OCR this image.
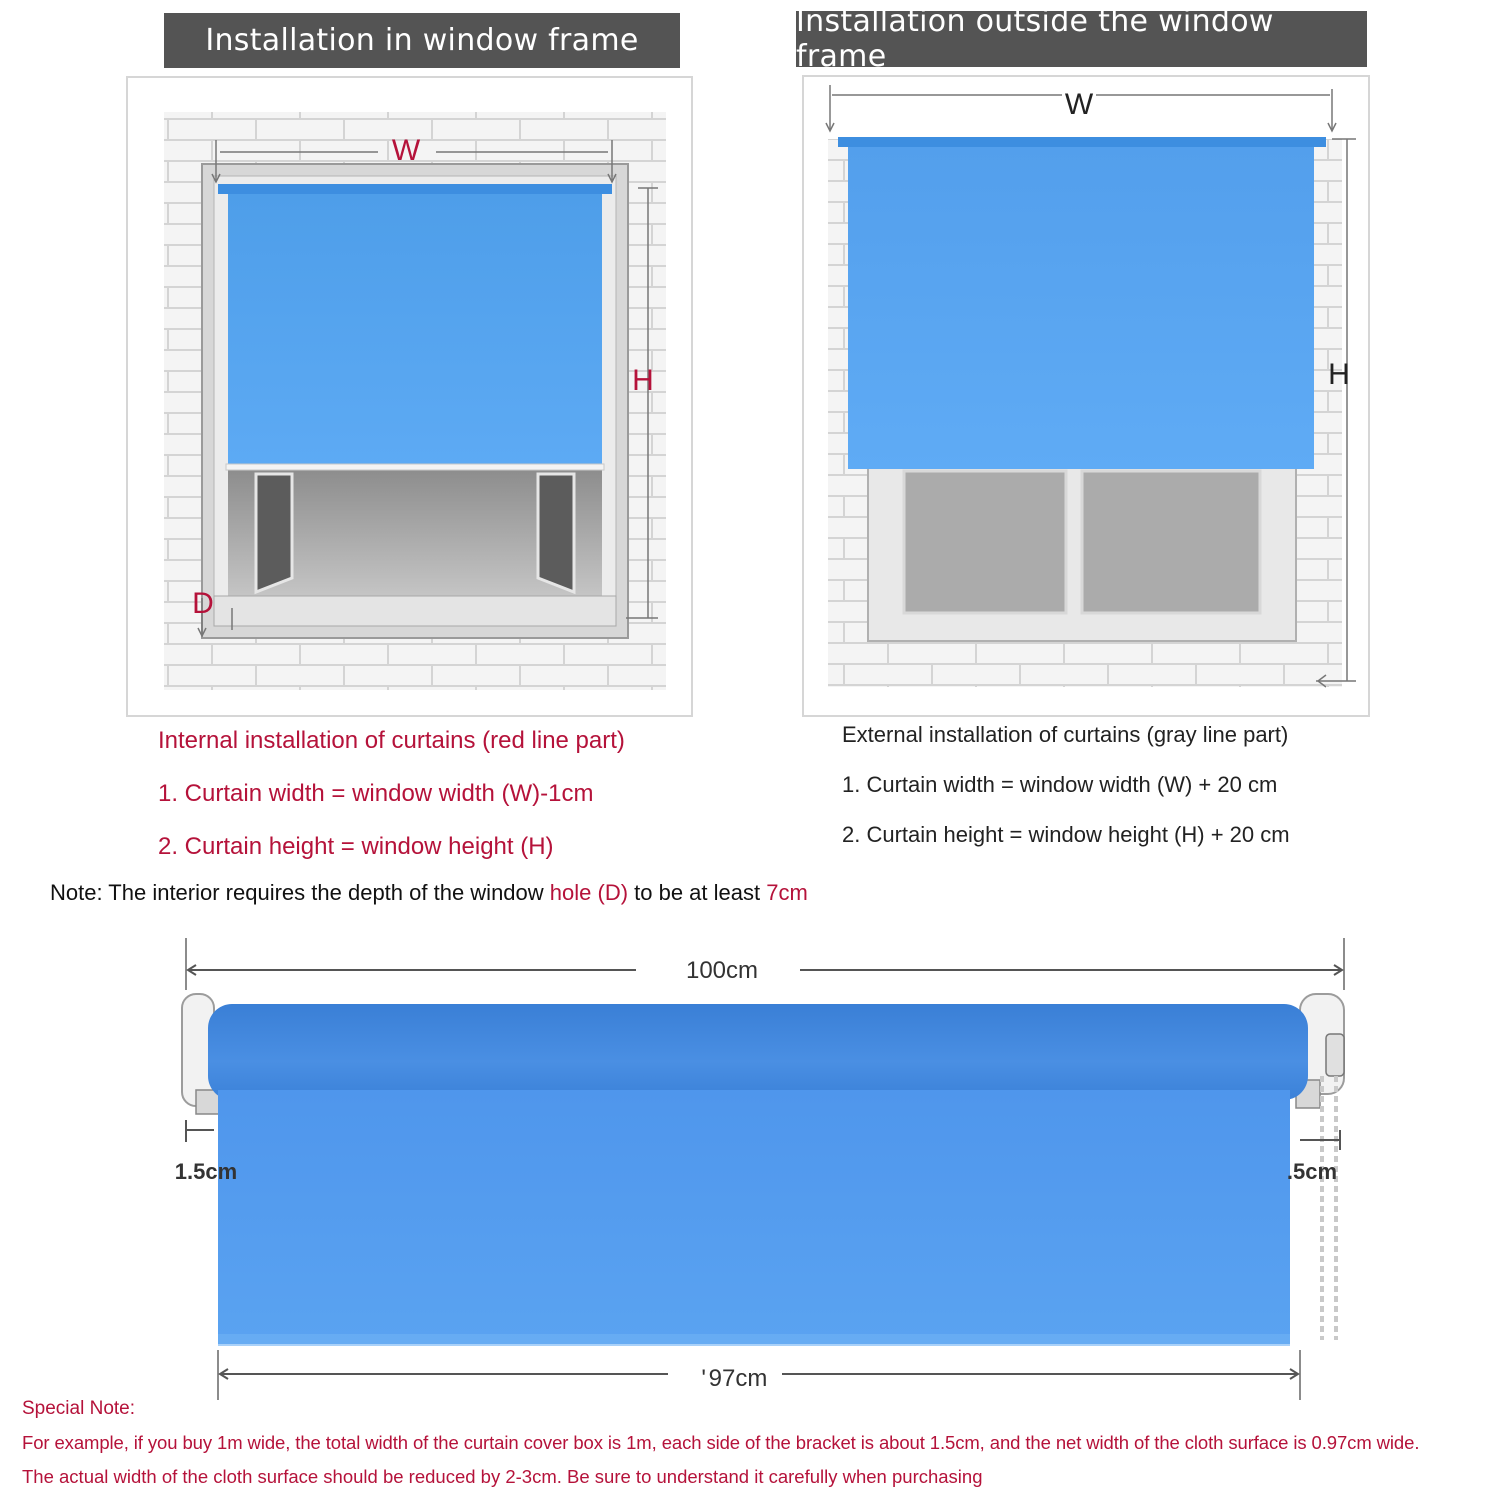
Installation in window frame
Installation outside the window frame
W
H
D
W
H
Internal installation of curtains (red line part)
1. Curtain width = window width (W)-1cm
2. Curtain height = window height (H)
External installation of curtains (gray line part)
1. Curtain width = window width (W) + 20 cm
2. Curtain height = window height (H) + 20 cm
Note: The interior requires the depth of the window hole (D) to be at least 7cm
100cm
1.5cm	.5cm
' 97cm
Special Note:
For example, if you buy 1m wide, the total width of the curtain cover box is 1m, each side of the bracket is about 1.5cm, and the net width of the cloth surface is 0.97cm wide.
The actual width of the cloth surface should be reduced by 2-3cm. Be sure to understand it carefully when purchasing
